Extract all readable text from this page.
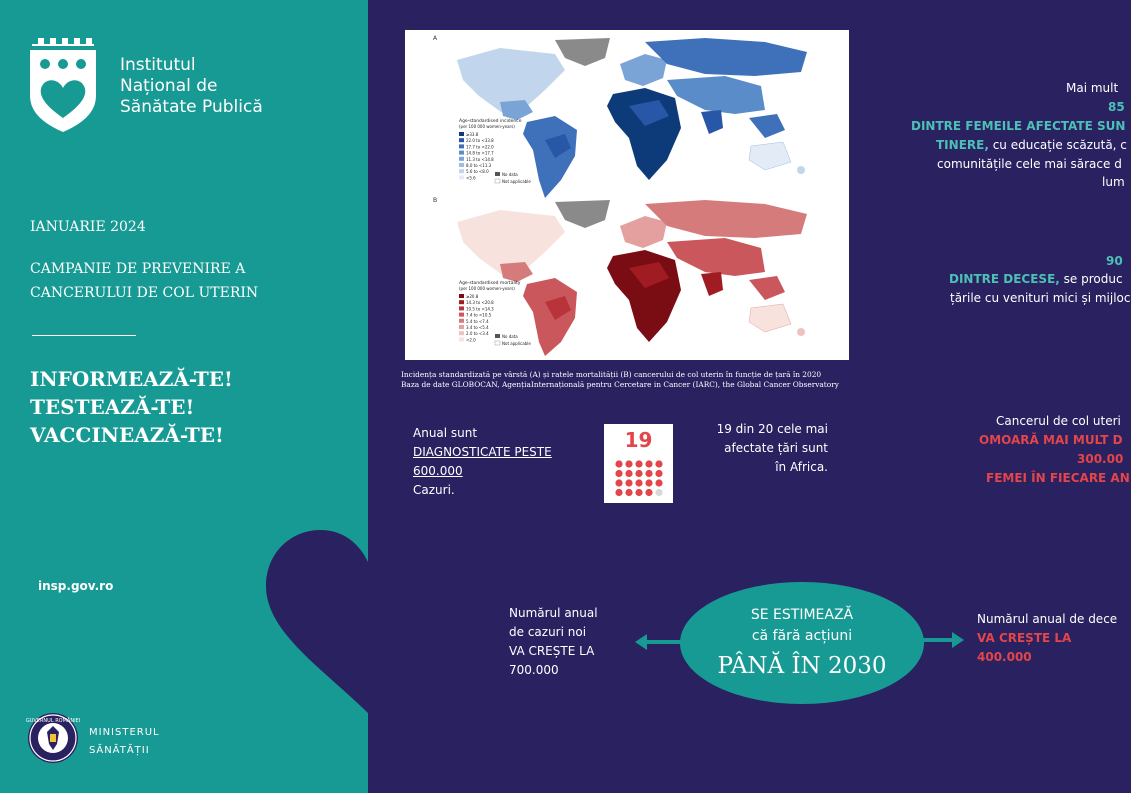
Institutul
Național de
Sănătate Publică
IANUARIE 2024
CAMPANIE DE PREVENIRE A
CANCERULUI DE COL UTERIN
INFORMEAZĂ-TE!
TESTEAZĂ-TE!
VACCINEAZĂ-TE!
insp.gov.ro
GUVERNUL ROMÂNIEI
MINISTERUL
SĂNĂTĂȚII
A
Age-standardised incidence
(per 100 000 women-years)
≥33.8
22.0 to <33.8
17.7 to <22.0
14.8 to <17.7
11.3 to <14.8
8.0 to <11.3
5.6 to <8.0
<5.6
No data
Not applicable
B
Age-standardised mortality
(per 100 000 women-years)
≥20.8
14.3 to <20.8
10.5 to <14.3
7.4 to <10.5
5.4 to <7.4
3.4 to <5.4
2.0 to <3.4
<2.0
No data
Not applicable
Incidența standardizată pe vârstă (A) și ratele mortalității (B) cancerului de col uterin în funcție de țară în 2020
Baza de date GLOBOCAN, AgențiaInternațională pentru Cercetare in Cancer (IARC), the Global Cancer Observatory
Mai mult
85
DINTRE FEMEILE AFECTATE SUN
TINERE, cu educație scăzută, c
comunitățile cele mai sărace d
lum
90
DINTRE DECESE, se produc
țările cu venituri mici și mijloc
Anual sunt
DIAGNOSTICATE PESTE
600.000
Cazuri.
19	19 din 20 cele mai
afectate țări sunt
în Africa.
Cancerul de col uteri
OMOARĂ MAI MULT D
300.00
FEMEI ÎN FIECARE AN
Numărul anual
de cazuri noi
VA CREȘTE LA
700.000
SE ESTIMEAZĂ
că fără acțiuni
PÂNĂ ÎN 2030
Numărul anual de dece
VA CREȘTE LA
400.000
